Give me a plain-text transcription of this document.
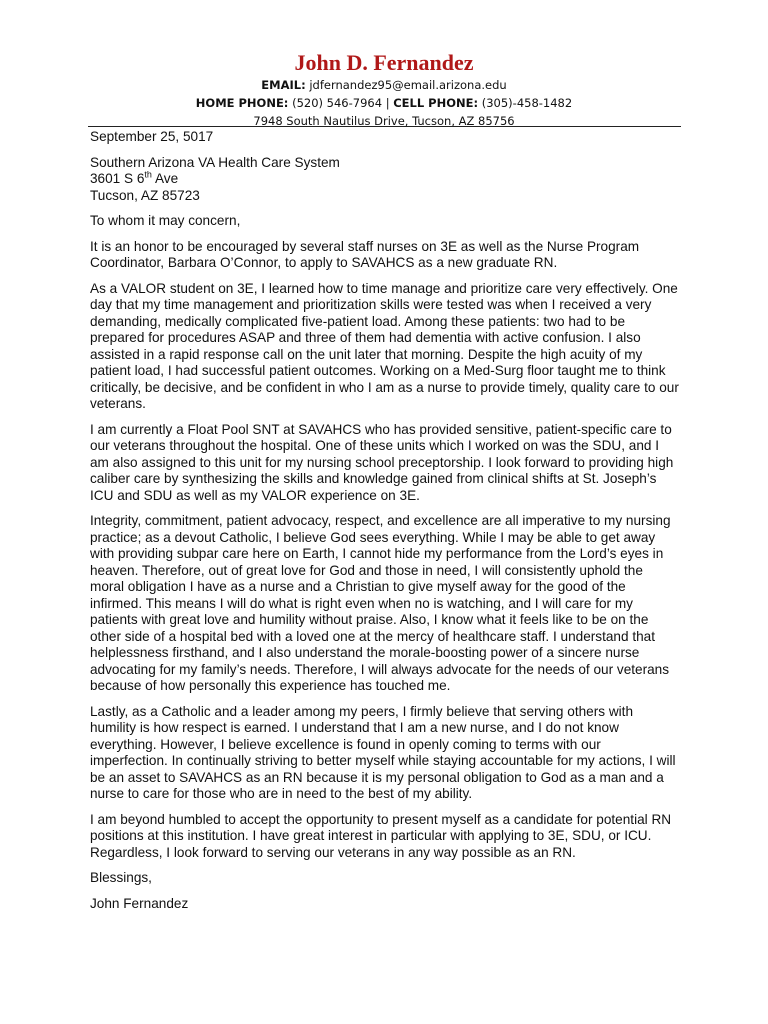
John D. Fernandez

EMAIL: jdfernandez95@email.arizona.edu

HOME PHONE: (520) 546-7964 | CELL PHONE: (305)-458-1482

7948 South Nautilus Drive, Tucson, AZ 85756

September 25, 5017

Southern Arizona VA Health Care System

3601 S 6th Ave

Tucson, AZ 85723

To whom it may concern,

It is an honor to be encouraged by several staff nurses on 3E as well as the Nurse Program Coordinator, Barbara O’Connor, to apply to SAVAHCS as a new graduate RN.

As a VALOR student on 3E, I learned how to time manage and prioritize care very effectively. One day that my time management and prioritization skills were tested was when I received a very demanding, medically complicated five-patient load. Among these patients: two had to be prepared for procedures ASAP and three of them had dementia with active confusion. I also assisted in a rapid response call on the unit later that morning. Despite the high acuity of my patient load, I had successful patient outcomes. Working on a Med-Surg floor taught me to think critically, be decisive, and be confident in who I am as a nurse to provide timely, quality care to our veterans.

I am currently a Float Pool SNT at SAVAHCS who has provided sensitive, patient-specific care to our veterans throughout the hospital. One of these units which I worked on was the SDU, and I am also assigned to this unit for my nursing school preceptorship. I look forward to providing high caliber care by synthesizing the skills and knowledge gained from clinical shifts at St. Joseph’s ICU and SDU as well as my VALOR experience on 3E.

Integrity, commitment, patient advocacy, respect, and excellence are all imperative to my nursing practice; as a devout Catholic, I believe God sees everything. While I may be able to get away with providing subpar care here on Earth, I cannot hide my performance from the Lord’s eyes in heaven. Therefore, out of great love for God and those in need, I will consistently uphold the moral obligation I have as a nurse and a Christian to give myself away for the good of the infirmed. This means I will do what is right even when no is watching, and I will care for my patients with great love and humility without praise. Also, I know what it feels like to be on the other side of a hospital bed with a loved one at the mercy of healthcare staff. I understand that helplessness firsthand, and I also understand the morale-boosting power of a sincere nurse advocating for my family’s needs. Therefore, I will always advocate for the needs of our veterans because of how personally this experience has touched me.

Lastly, as a Catholic and a leader among my peers, I firmly believe that serving others with humility is how respect is earned. I understand that I am a new nurse, and I do not know everything. However, I believe excellence is found in openly coming to terms with our imperfection. In continually striving to better myself while staying accountable for my actions, I will be an asset to SAVAHCS as an RN because it is my personal obligation to God as a man and a nurse to care for those who are in need to the best of my ability.

I am beyond humbled to accept the opportunity to present myself as a candidate for potential RN positions at this institution. I have great interest in particular with applying to 3E, SDU, or ICU. Regardless, I look forward to serving our veterans in any way possible as an RN.

Blessings,

John Fernandez
